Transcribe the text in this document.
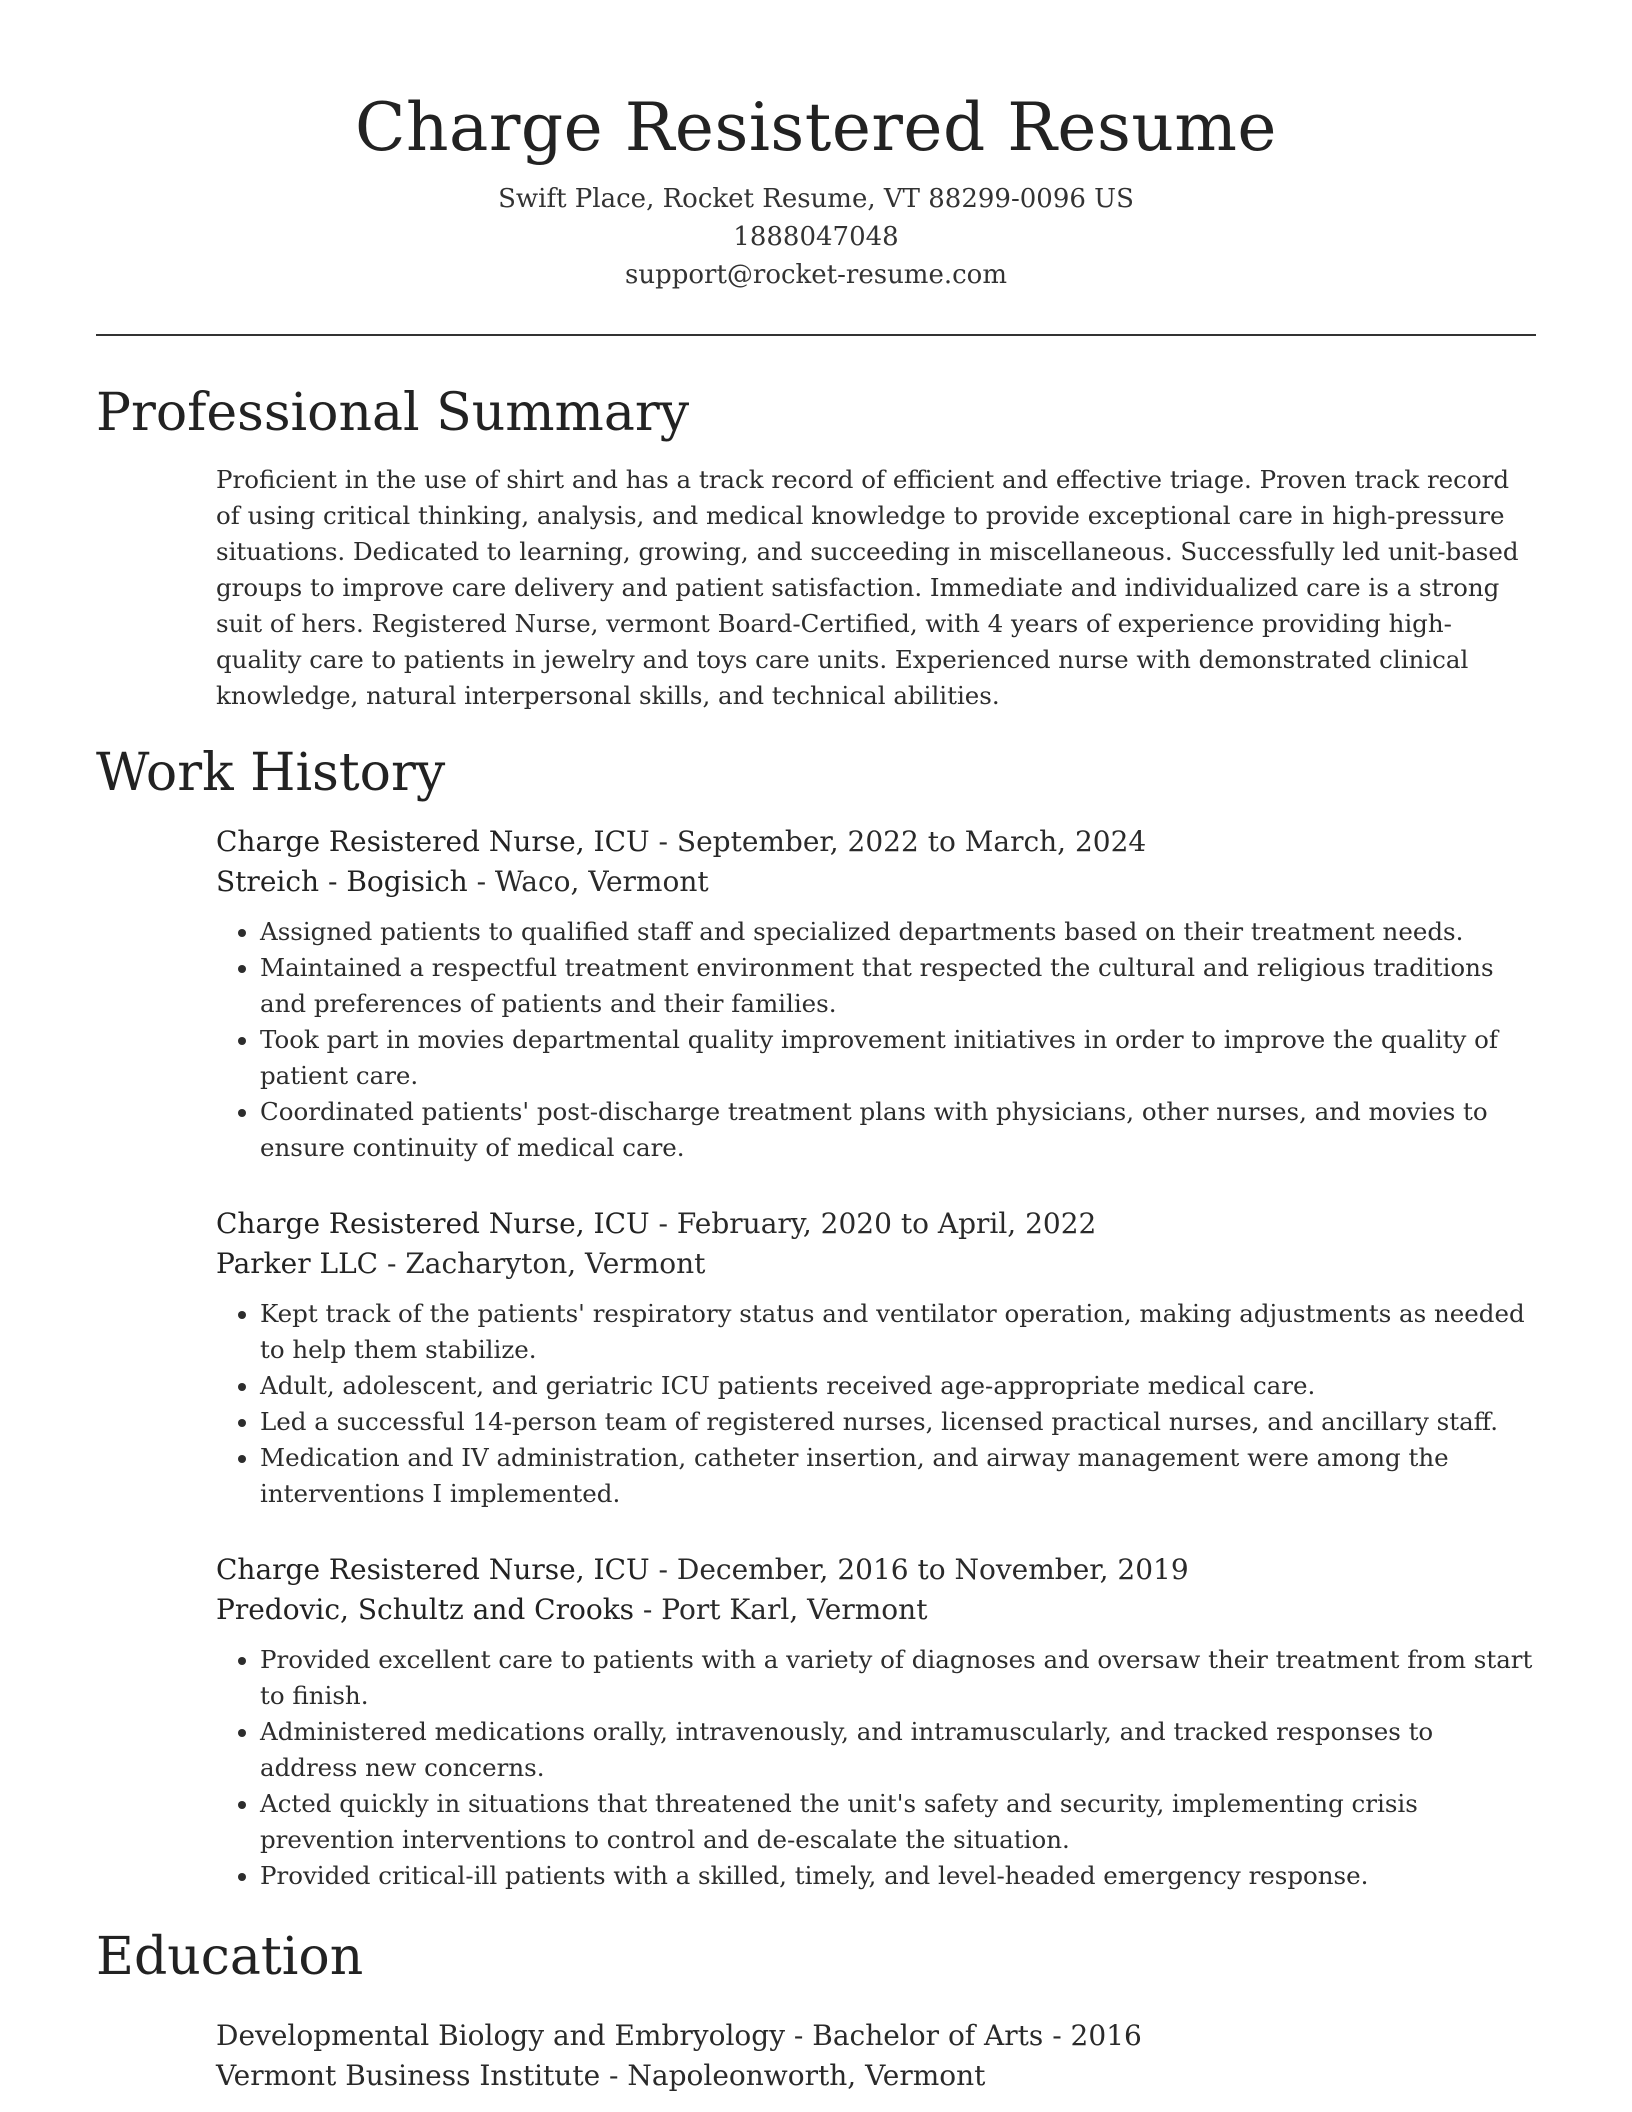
Charge Resistered Resume
Swift Place, Rocket Resume, VT 88299-0096 US
1888047048
support@rocket-resume.com
Professional Summary

Proficient in the use of shirt and has a track record of efficient and effective triage. Proven track record of using critical thinking, analysis, and medical knowledge to provide exceptional care in high-pressure situations. Dedicated to learning, growing, and succeeding in miscellaneous. Successfully led unit-based groups to improve care delivery and patient satisfaction. Immediate and individualized care is a strong suit of hers. Registered Nurse, vermont Board-Certified, with 4 years of experience providing high-quality care to patients in jewelry and toys care units. Experienced nurse with demonstrated clinical knowledge, natural interpersonal skills, and technical abilities.

Work History
Charge Resistered Nurse, ICU - September, 2022 to March, 2024
Streich - Bogisich - Waco, Vermont
• Assigned patients to qualified staff and specialized departments based on their treatment needs.
• Maintained a respectful treatment environment that respected the cultural and religious traditions and preferences of patients and their families.
• Took part in movies departmental quality improvement initiatives in order to improve the quality of patient care.
• Coordinated patients' post-discharge treatment plans with physicians, other nurses, and movies to ensure continuity of medical care.
Charge Resistered Nurse, ICU - February, 2020 to April, 2022
Parker LLC - Zacharyton, Vermont
• Kept track of the patients' respiratory status and ventilator operation, making adjustments as needed to help them stabilize.
• Adult, adolescent, and geriatric ICU patients received age-appropriate medical care.
• Led a successful 14-person team of registered nurses, licensed practical nurses, and ancillary staff.
• Medication and IV administration, catheter insertion, and airway management were among the interventions I implemented.
Charge Resistered Nurse, ICU - December, 2016 to November, 2019
Predovic, Schultz and Crooks - Port Karl, Vermont
• Provided excellent care to patients with a variety of diagnoses and oversaw their treatment from start to finish.
• Administered medications orally, intravenously, and intramuscularly, and tracked responses to address new concerns.
• Acted quickly in situations that threatened the unit's safety and security, implementing crisis prevention interventions to control and de-escalate the situation.
• Provided critical-ill patients with a skilled, timely, and level-headed emergency response.
Education
Developmental Biology and Embryology - Bachelor of Arts - 2016
Vermont Business Institute - Napoleonworth, Vermont
